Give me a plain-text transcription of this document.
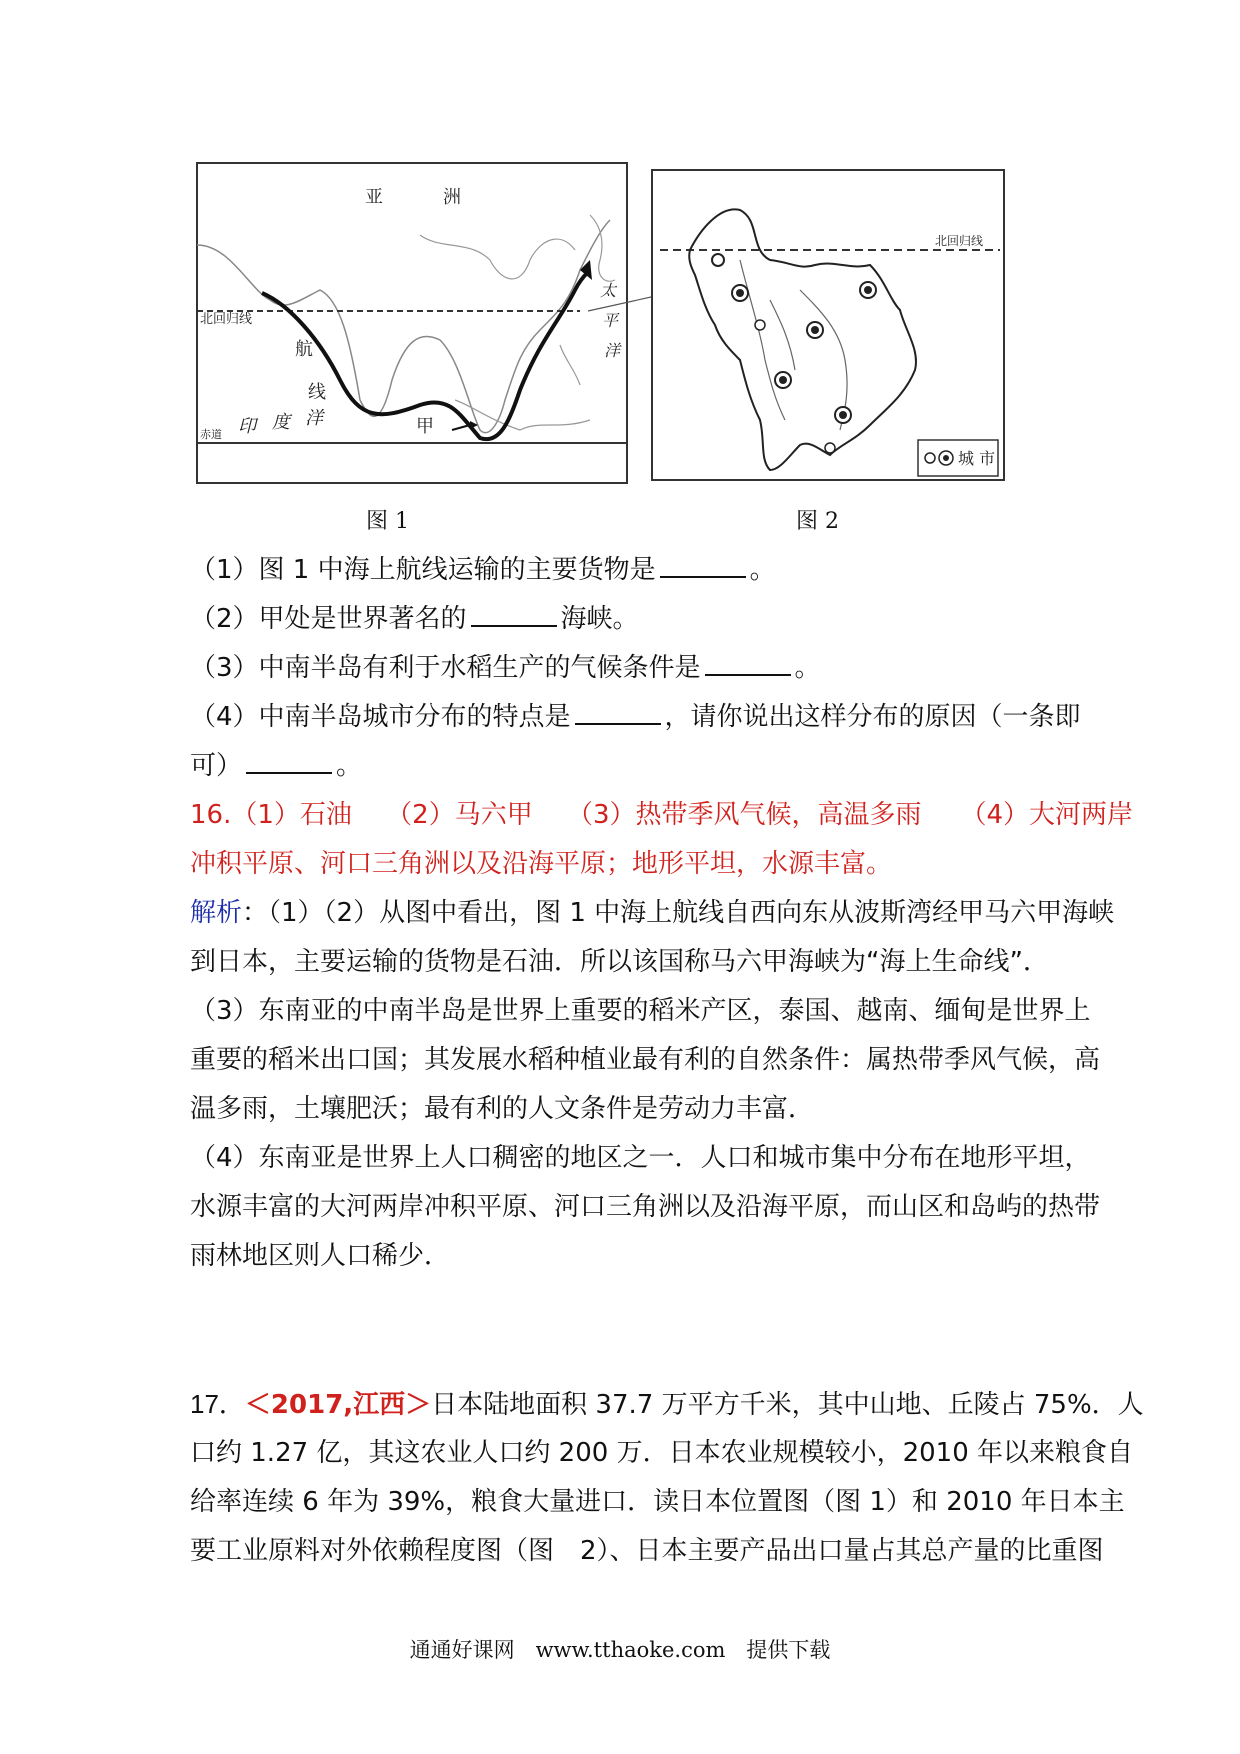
亚	洲
北回归线
航
线
印 度 洋	甲
太
平
洋
赤道
北回归线
城 市
图 1	图 2
（1）图 1 中海上航线运输的主要货物是	。
（2）甲处是世界著名的	海峡。
（3）中南半岛有利于水稻生产的气候条件是	。
（4）中南半岛城市分布的特点是	，请你说出这样分布的原因（一条即
可）	。
16.（1）石油　 （2）马六甲　 （3）热带季风气候，高温多雨　　（4）大河两岸
冲积平原、河口三角洲以及沿海平原；地形平坦，水源丰富。
解析：（1）（2）从图中看出，图 1 中海上航线自西向东从波斯湾经甲马六甲海峡
到日本，主要运输的货物是石油．所以该国称马六甲海峡为“海上生命线”．
（3）东南亚的中南半岛是世界上重要的稻米产区，泰国、越南、缅甸是世界上
重要的稻米出口国；其发展水稻种植业最有利的自然条件：属热带季风气候，高
温多雨，土壤肥沃；最有利的人文条件是劳动力丰富．
（4）东南亚是世界上人口稠密的地区之一．人口和城市集中分布在地形平坦，
水源丰富的大河两岸冲积平原、河口三角洲以及沿海平原，而山区和岛屿的热带
雨林地区则人口稀少．
17．＜2017,江西＞日本陆地面积 37.7 万平方千米，其中山地、丘陵占 75%．人
口约 1.27 亿，其这农业人口约 200 万．日本农业规模较小，2010 年以来粮食自
给率连续 6 年为 39%，粮食大量进口．读日本位置图（图 1）和 2010 年日本主
要工业原料对外依赖程度图（图　2）、日本主要产品出口量占其总产量的比重图
通通好课网　www.tthaoke.com　提供下载
